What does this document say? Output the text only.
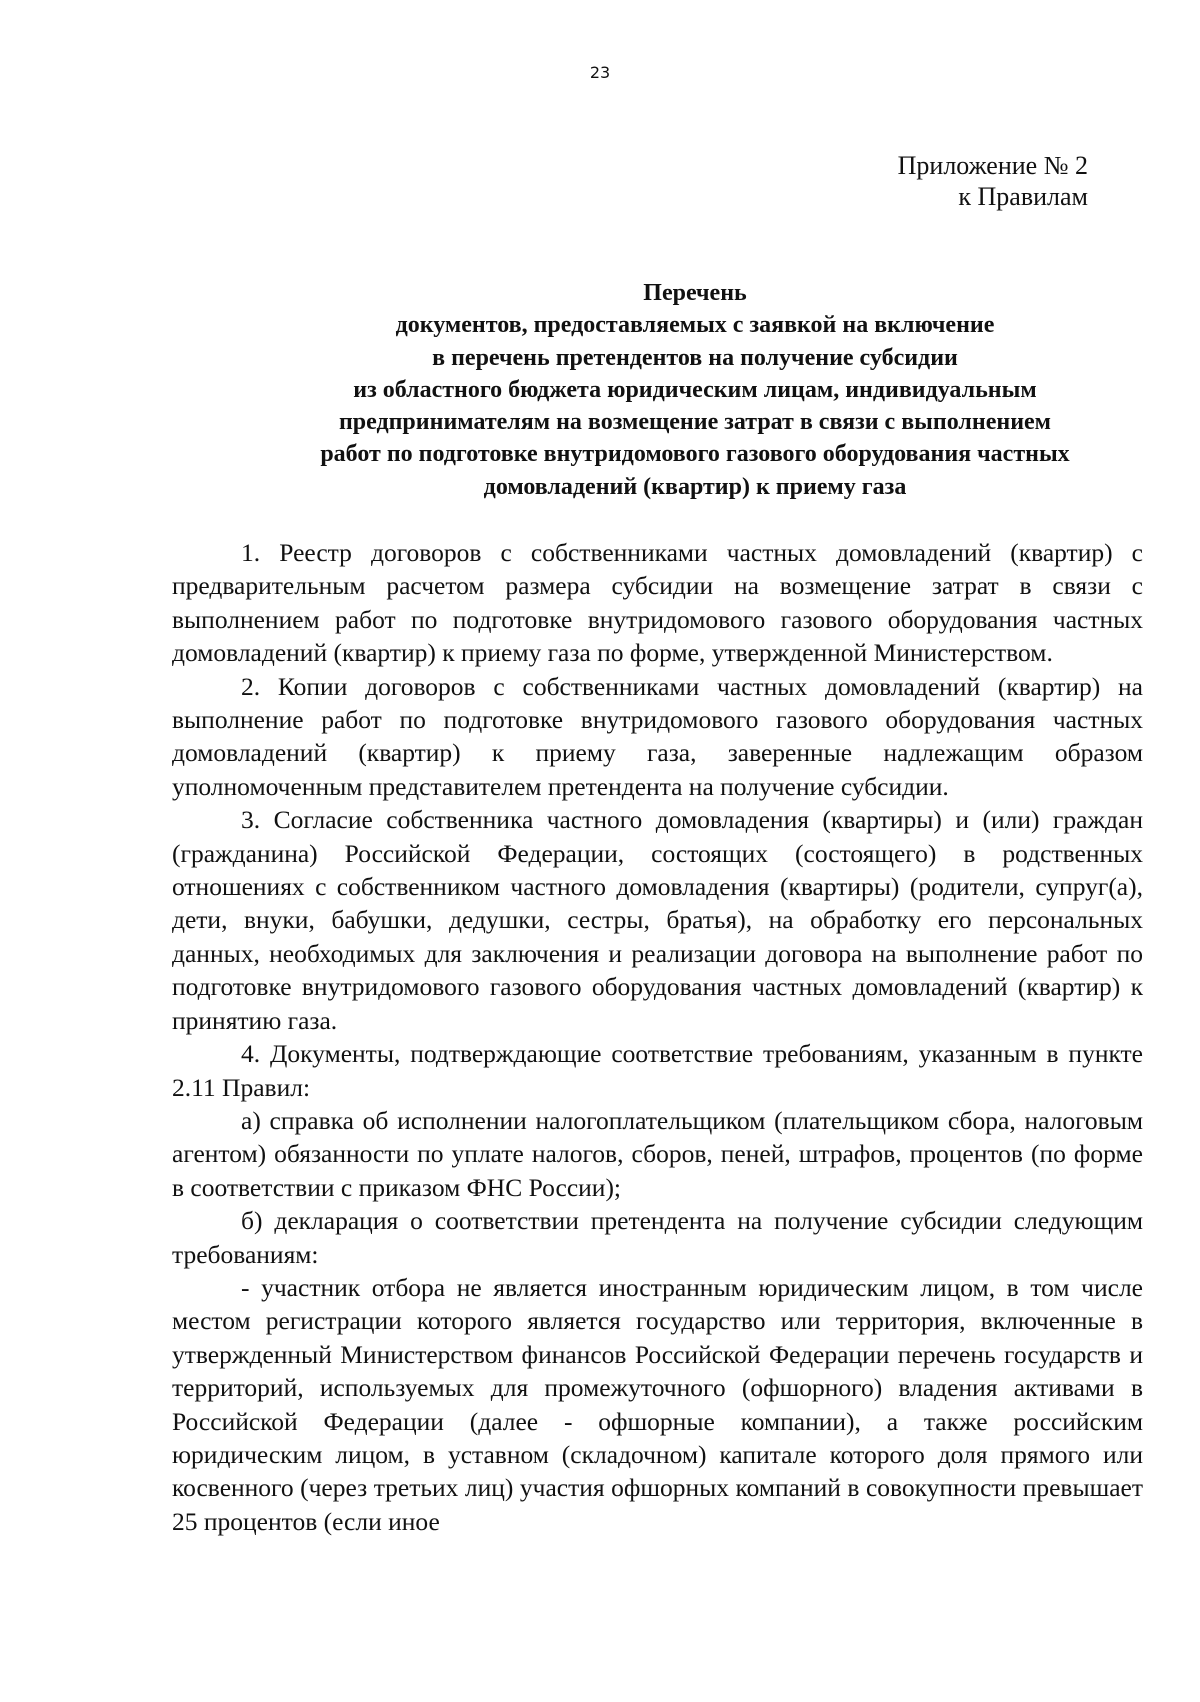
23
Приложение № 2
к Правилам
Перечень
документов, предоставляемых с заявкой на включение
в перечень претендентов на получение субсидии
из областного бюджета юридическим лицам, индивидуальным
предпринимателям на возмещение затрат в связи с выполнением
работ по подготовке внутридомового газового оборудования частных
домовладений (квартир) к приему газа

1. Реестр договоров с собственниками частных домовладений (квартир) с предварительным расчетом размера субсидии на возмещение затрат в связи с выполнением работ по подготовке внутридомового газового оборудования частных домовладений (квартир) к приему газа по форме, утвержденной Министерством.

2. Копии договоров с собственниками частных домовладений (квартир) на выполнение работ по подготовке внутридомового газового оборудования частных домовладений (квартир) к приему газа, заверенные надлежащим образом уполномоченным представителем претендента на получение субсидии.

3. Согласие собственника частного домовладения (квартиры) и (или) граждан (гражданина) Российской Федерации, состоящих (состоящего) в родственных отношениях с собственником частного домовладения (квартиры) (родители, супруг(а), дети, внуки, бабушки, дедушки, сестры, братья), на обработку его персональных данных, необходимых для заключения и реализации договора на выполнение работ по подготовке внутридомового газового оборудования частных домовладений (квартир) к принятию газа.

4. Документы, подтверждающие соответствие требованиям, указанным в пункте 2.11 Правил:

а) справка об исполнении налогоплательщиком (плательщиком сбора, налоговым агентом) обязанности по уплате налогов, сборов, пеней, штрафов, процентов (по форме в соответствии с приказом ФНС России);

б) декларация о соответствии претендента на получение субсидии следующим требованиям:

- участник отбора не является иностранным юридическим лицом, в том числе местом регистрации которого является государство или территория, включенные в утвержденный Министерством финансов Российской Федерации перечень государств и территорий, используемых для промежуточного (офшорного) владения активами в Российской Федерации (далее - офшорные компании), а также российским юридическим лицом, в уставном (складочном) капитале которого доля прямого или косвенного (через третьих лиц) участия офшорных компаний в совокупности превышает 25 процентов (если иное
